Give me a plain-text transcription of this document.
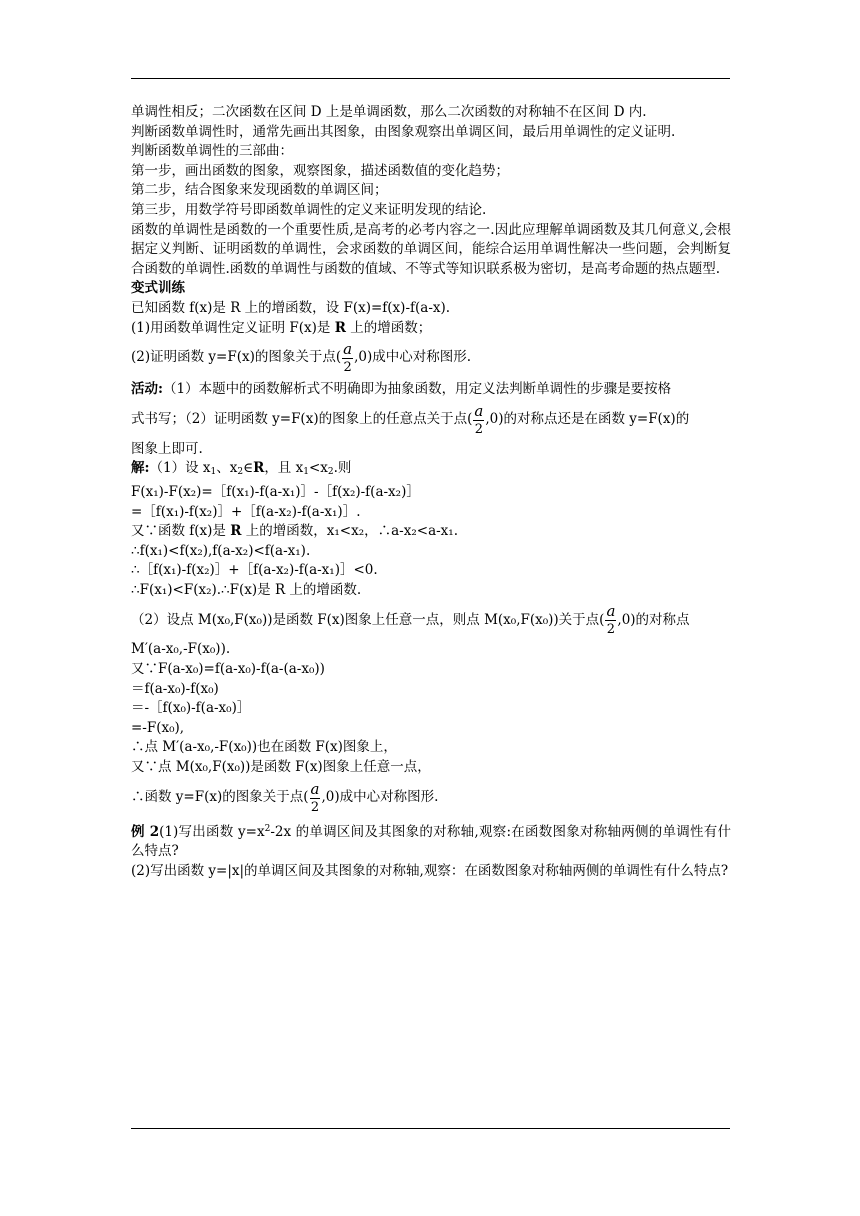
单调性相反；二次函数在区间 D 上是单调函数，那么二次函数的对称轴不在区间 D 内.
判断函数单调性时，通常先画出其图象，由图象观察出单调区间，最后用单调性的定义证明.
判断函数单调性的三部曲：
第一步，画出函数的图象，观察图象，描述函数值的变化趋势；
第二步，结合图象来发现函数的单调区间；
第三步，用数学符号即函数单调性的定义来证明发现的结论.
函数的单调性是函数的一个重要性质,是高考的必考内容之一.因此应理解单调函数及其几何意义,会根据定义判断、证明函数的单调性，会求函数的单调区间，能综合运用单调性解决一些问题，会判断复合函数的单调性.函数的单调性与函数的值域、不等式等知识联系极为密切，是高考命题的热点题型.
变式训练
已知函数 f(x)是 R 上的增函数，设 F(x)=f(x)-f(a-x).
(1)用函数单调性定义证明 F(x)是 R 上的增函数；
(2)证明函数 y=F(x)的图象关于点( $\frac{a}{2} ,0$)成中心对称图形.
活动:（1）本题中的函数解析式不明确即为抽象函数，用定义法判断单调性的步骤是要按格
式书写；（2）证明函数 y=F(x)的图象上的任意点关于点( $\frac{a}{2} ,0$)的对称点还是在函数 y=F(x)的
图象上即可.
解:（1）设 $x_1$、$x_2\in R$，且 $x_1<x_2$.则
F(x₁)-F(x₂)=［f(x₁)-f(a-x₁)］-［f(x₂)-f(a-x₂)］
=［f(x₁)-f(x₂)］+［f(a-x₂)-f(a-x₁)］.
又∵函数 f(x)是 R 上的增函数，x₁<x₂，∴a-x₂<a-x₁.
∴f(x₁)<f(x₂),f(a-x₂)<f(a-x₁).
∴［f(x₁)-f(x₂)］+［f(a-x₂)-f(a-x₁)］<0.
∴F(x₁)<F(x₂).∴F(x)是 R 上的增函数.
（2）设点 M(x₀,F(x₀))是函数 F(x)图象上任意一点，则点 M(x₀,F(x₀))关于点( $\frac{a}{2} ,0$)的对称点
M′(a-x₀,-F(x₀)).
又∵F(a-x₀)=f(a-x₀)-f(a-(a-x₀))
＝f(a-x₀)-f(x₀)
＝-［f(x₀)-f(a-x₀)］
=-F(x₀),
∴点 M′(a-x₀,-F(x₀))也在函数 F(x)图象上，
又∵点 M(x₀,F(x₀))是函数 F(x)图象上任意一点，
∴函数 y=F(x)的图象关于点( $\frac{a}{2} ,0$)成中心对称图形.
例 2(1)写出函数 $y=x^2-2x$ 的单调区间及其图象的对称轴,观察:在函数图象对称轴两侧的单调性有什么特点?
(2)写出函数 y=|x|的单调区间及其图象的对称轴,观察：在函数图象对称轴两侧的单调性有什么特点?
